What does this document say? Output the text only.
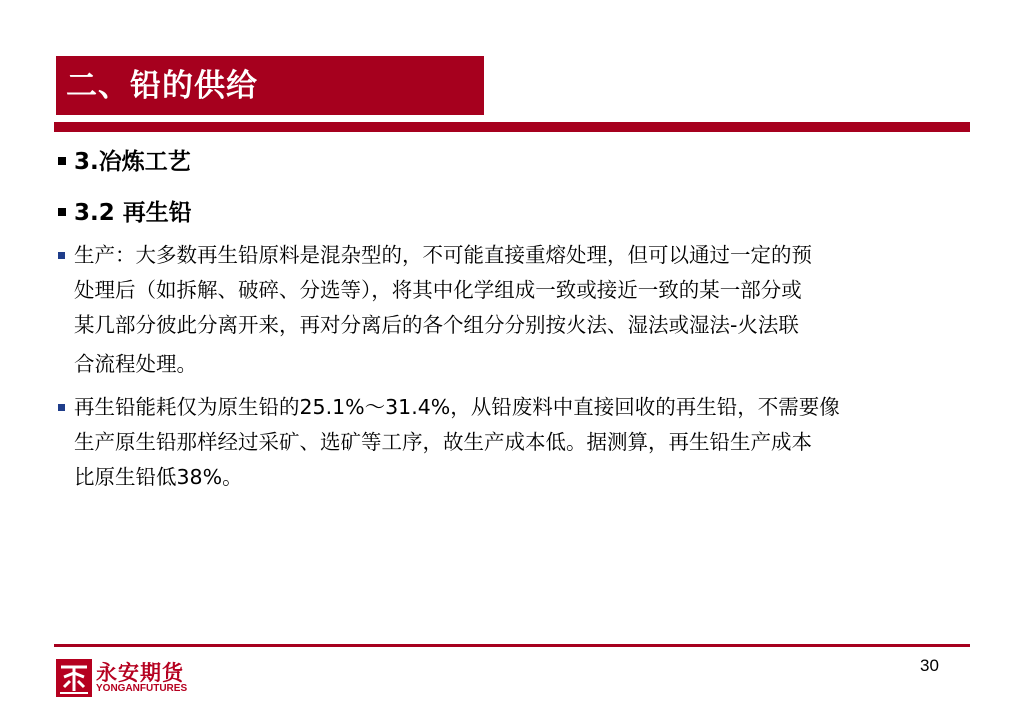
二、铅的供给
3.冶炼工艺
3.2 再生铅
生产：大多数再生铅原料是混杂型的，不可能直接重熔处理，但可以通过一定的预
处理后（如拆解、破碎、分选等），将其中化学组成一致或接近一致的某一部分或
某几部分彼此分离开来，再对分离后的各个组分分别按火法、湿法或湿法-火法联
合流程处理。
再生铅能耗仅为原生铅的25.1%～31.4%，从铅废料中直接回收的再生铅，不需要像
生产原生铅那样经过采矿、选矿等工序，故生产成本低。据测算，再生铅生产成本
比原生铅低38%。
30
永安期货
YONGANFUTURES
